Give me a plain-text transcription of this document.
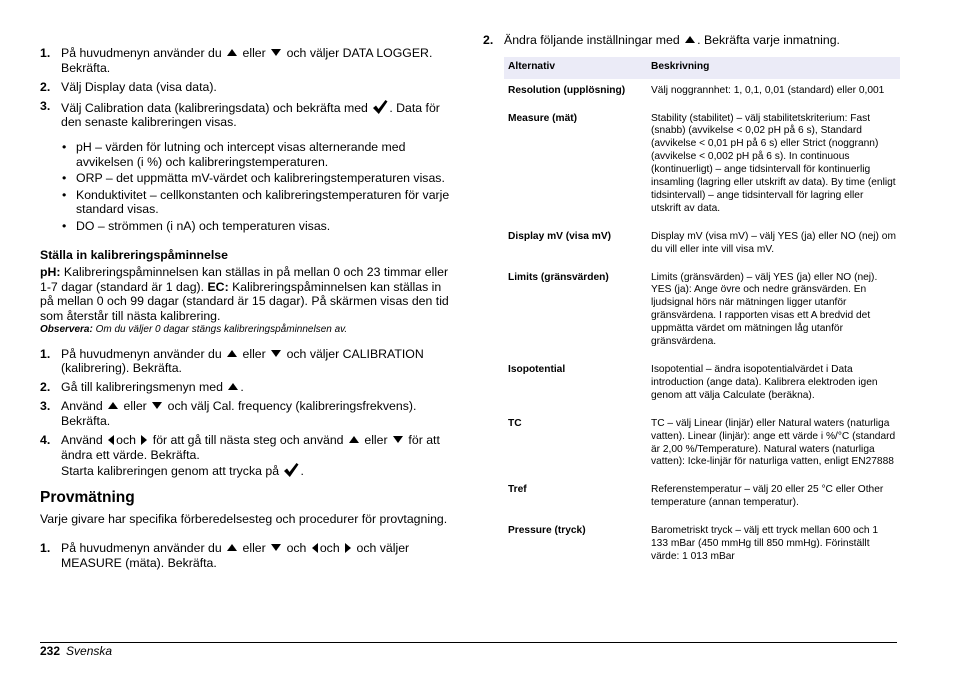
1. På huvudmenyn använder du  eller  och väljer DATA LOGGER. Bekräfta.
2. Välj Display data (visa data).
3. Välj Calibration data (kalibreringsdata) och bekräfta med . Data för den senaste kalibreringen visas.
• pH – värden för lutning och intercept visas alternerande med avvikelsen (i %) och kalibreringstemperaturen.
• ORP – det uppmätta mV-värdet och kalibreringstemperaturen visas.
• Konduktivitet – cellkonstanten och kalibreringstemperaturen för varje standard visas.
• DO – strömmen (i nA) och temperaturen visas.
Ställa in kalibreringspåminnelse
pH: Kalibreringspåminnelsen kan ställas in på mellan 0 och 23 timmar eller 1-7 dagar (standard är 1 dag). EC: Kalibreringspåminnelsen kan ställas in på mellan 0 och 99 dagar (standard är 15 dagar). På skärmen visas den tid som återstår till nästa kalibrering.
Observera: Om du väljer 0 dagar stängs kalibreringspåminnelsen av.
1. På huvudmenyn använder du  eller  och väljer CALIBRATION (kalibrering). Bekräfta.
2. Gå till kalibreringsmenyn med .
3. Använd  eller  och välj Cal. frequency (kalibreringsfrekvens). Bekräfta.
4. Använd och  för att gå till nästa steg och använd  eller  för att ändra ett värde. Bekräfta.
Starta kalibreringen genom att trycka på .
Provmätning
Varje givare har specifika förberedelsesteg och procedurer för provtagning.
1. På huvudmenyn använder du  eller  och och  och väljer MEASURE (mäta). Bekräfta.
2. Ändra följande inställningar med . Bekräfta varje inmatning.
Alternativ	Beskrivning
Resolution (upplösning)	Välj noggrannhet: 1, 0,1, 0,01 (standard) eller 0,001
Measure (mät)	Stability (stabilitet) – välj stabilitetskriterium: Fast (snabb) (avvikelse < 0,02 pH på 6 s), Standard (avvikelse < 0,01 pH på 6 s) eller Strict (noggrann) (avvikelse < 0,002 pH på 6 s). In continuous (kontinuerligt) – ange tidsintervall för kontinuerlig insamling (lagring eller utskrift av data). By time (enligt tidsintervall) – ange tidsintervall för lagring eller utskrift av data.
Display mV (visa mV)	Display mV (visa mV) – välj YES (ja) eller NO (nej) om du vill eller inte vill visa mV.
Limits (gränsvärden)	Limits (gränsvärden) – välj YES (ja) eller NO (nej). YES (ja): Ange övre och nedre gränsvärden. En ljudsignal hörs när mätningen ligger utanför gränsvärdena. I rapporten visas ett A bredvid det uppmätta värdet om mätningen låg utanför gränsvärdena.
Isopotential	Isopotential – ändra isopotentialvärdet i Data introduction (ange data). Kalibrera elektroden igen genom att välja Calculate (beräkna).
TC	TC – välj Linear (linjär) eller Natural waters (naturliga vatten). Linear (linjär): ange ett värde i %/°C (standard är 2,00 %/Temperature). Natural waters (naturliga vatten): Icke-linjär för naturliga vatten, enligt EN27888
Tref	Referenstemperatur – välj 20 eller 25 °C eller Other temperature (annan temperatur).
Pressure (tryck)	Barometriskt tryck – välj ett tryck mellan 600 och 1 133 mBar (450 mmHg till 850 mmHg). Förinställt värde: 1 013 mBar
232 Svenska
